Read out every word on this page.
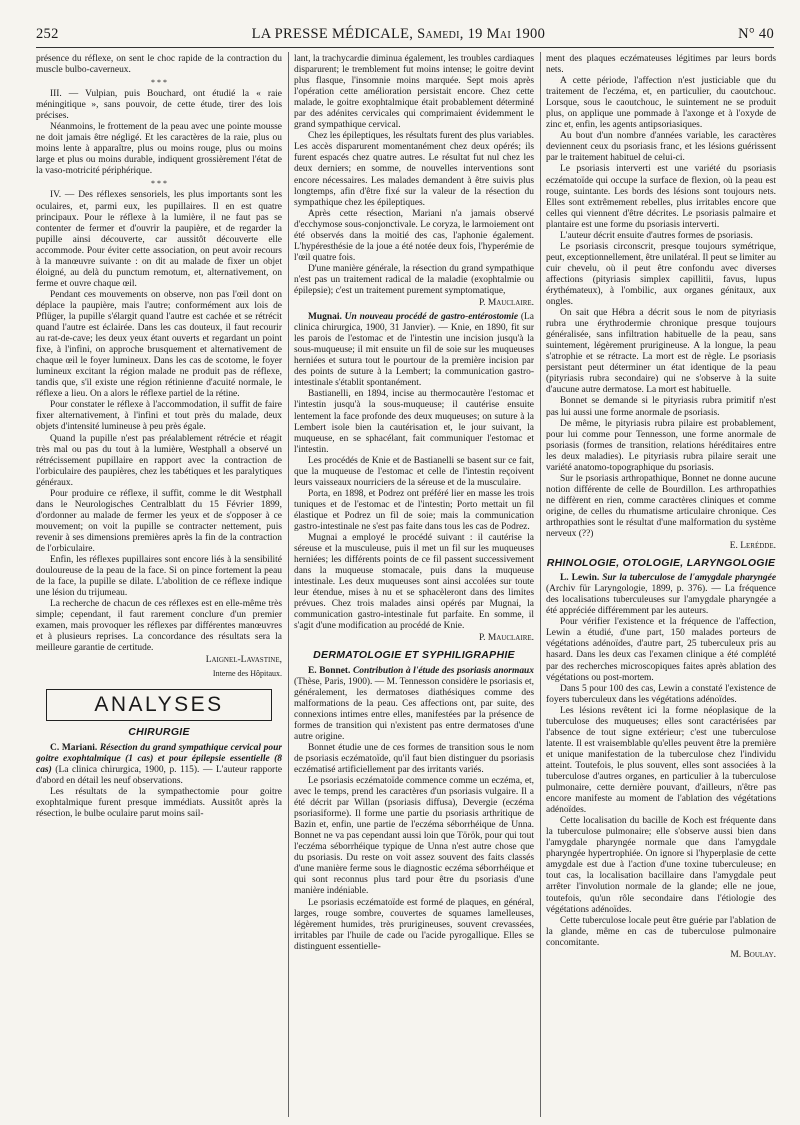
252	LA PRESSE MÉDICALE, Samedi, 19 Mai 1900	N° 40

présence du réflexe, on sent le choc rapide de la contraction du muscle bulbo-caverneux.

* * *

III. — Vulpian, puis Bouchard, ont étudié la « raie méningitique », sans pouvoir, de cette étude, tirer des lois précises.

Néanmoins, le frottement de la peau avec une pointe mousse ne doit jamais être négligé. Et les caractères de la raie, plus ou moins lente à apparaître, plus ou moins rouge, plus ou moins large et plus ou moins durable, indiquent grossièrement l'état de la vaso-motricité périphérique.

* * *

IV. — Des réflexes sensoriels, les plus importants sont les oculaires, et, parmi eux, les pupillaires. Il en est quatre principaux. Pour le réflexe à la lumière, il ne faut pas se contenter de fermer et d'ouvrir la paupière, et de regarder la pupille ainsi découverte, car aussitôt découverte elle accommode. Pour éviter cette association, on peut avoir recours à la manœuvre suivante : on dit au malade de fixer un objet éloigné, au delà du punctum remotum, et, alternativement, on ferme et ouvre chaque œil.

Pendant ces mouvements on observe, non pas l'œil dont on déplace la paupière, mais l'autre; conformément aux lois de Pflüger, la pupille s'élargit quand l'autre est cachée et se rétrécit quand l'autre est éclairée. Dans les cas douteux, il faut recourir au rat-de-cave; les deux yeux étant ouverts et regardant un point fixe, à l'infini, on approche brusquement et alternativement de chaque œil le foyer lumineux. Dans les cas de scotome, le foyer lumineux excitant la région malade ne produit pas de réflexe, tandis que, s'il existe une région rétinienne d'acuité normale, le réflexe a lieu. On a alors le réflexe partiel de la rétine.

Pour constater le réflexe à l'accommodation, il suffit de faire fixer alternativement, à l'infini et tout près du malade, deux objets d'intensité lumineuse à peu près égale.

Quand la pupille n'est pas préalablement rétrécie et réagit très mal ou pas du tout à la lumière, Westphall a observé un rétrécissement pupillaire en rapport avec la contraction de l'orbiculaire des paupières, chez les tabétiques et les paralytiques généraux.

Pour produire ce réflexe, il suffit, comme le dit Westphall dans le Neurologisches Centralblatt du 15 Février 1899, d'ordonner au malade de fermer les yeux et de s'opposer à ce mouvement; on voit la pupille se contracter nettement, puis revenir à ses dimensions premières après la fin de la contraction de l'orbiculaire.

Enfin, les réflexes pupillaires sont encore liés à la sensibilité douloureuse de la peau de la face. Si on pince fortement la peau de la face, la pupille se dilate. L'abolition de ce réflexe indique une lésion du trijumeau.

La recherche de chacun de ces réflexes est en elle-même très simple; cependant, il faut rarement conclure d'un premier examen, mais provoquer les réflexes par différentes manœuvres et à plusieurs reprises. La concordance des résultats sera la meilleure garantie de certitude.

Laignel-Lavastine,
Interne des Hôpitaux.
ANALYSES
CHIRURGIE

C. Mariani. Résection du grand sympathique cervical pour goitre exophtalmique (1 cas) et pour épilepsie essentielle (8 cas) (La clinica chirurgica, 1900, p. 115). — L'auteur rapporte d'abord en détail les neuf observations.

Les résultats de la sympathectomie pour goitre exophtalmique furent presque immédiats. Aussitôt après la résection, le bulbe oculaire parut moins sail-

lant, la trachycardie diminua également, les troubles cardiaques disparurent; le tremblement fut moins intense; le goitre devint plus flasque, l'insomnie moins marquée. Sept mois après l'opération cette amélioration persistait encore. Chez cette malade, le goitre exophtalmique était probablement déterminé par des adénites cervicales qui comprimaient évidemment le grand sympathique cervical.

Chez les épileptiques, les résultats furent des plus variables. Les accès disparurent momentanément chez deux opérés; ils furent espacés chez quatre autres. Le résultat fut nul chez les deux derniers; en somme, de nouvelles interventions sont encore nécessaires. Les malades demandent à être suivis plus longtemps, afin d'être fixé sur la valeur de la résection du sympathique chez les épileptiques.

Après cette résection, Mariani n'a jamais observé d'ecchymose sous-conjonctivale. Le coryza, le larmoiement ont été observés dans la moitié des cas, l'aphonie également. L'hypéresthésie de la joue a été notée deux fois, l'hyperémie de l'œil quatre fois.

D'une manière générale, la résection du grand sympathique n'est pas un traitement radical de la maladie (exophtalmie ou épilepsie); c'est un traitement purement symptomatique,

P. Mauclaire.

Mugnai. Un nouveau procédé de gastro-entérostomie (La clinica chirurgica, 1900, 31 Janvier). — Knie, en 1890, fit sur les parois de l'estomac et de l'intestin une incision jusqu'à la sous-muqueuse; il mit ensuite un fil de soie sur les muqueuses herniées et sutura tout le pourtour de la première incision par des points de suture à la Lembert; la communication gastro-intestinale s'établit spontanément.

Bastianelli, en 1894, incise au thermocautère l'estomac et l'intestin jusqu'à la sous-muqueuse; il cautérise ensuite lentement la face profonde des deux muqueuses; on suture à la Lembert isole bien la cautérisation et, le jour suivant, la muqueuse, en se sphacélant, fait communiquer l'estomac et l'intestin.

Les procédés de Knie et de Bastianelli se basent sur ce fait, que la muqueuse de l'estomac et celle de l'intestin reçoivent leurs vaisseaux nourriciers de la séreuse et de la musculaire.

Porta, en 1898, et Podrez ont préféré lier en masse les trois tuniques et de l'estomac et de l'intestin; Porto mettait un fil élastique et Podrez un fil de soie; mais la communication gastro-intestinale ne s'est pas faite dans tous les cas de Podrez.

Mugnai a employé le procédé suivant : il cautérise la séreuse et la musculeuse, puis il met un fil sur les muqueuses herniées; les différents points de ce fil passent successivement dans la muqueuse stomacale, puis dans la muqueuse intestinale. Les deux muqueuses sont ainsi accolées sur toute leur étendue, mises à nu et se sphacèleront dans des limites prévues. Chez trois malades ainsi opérés par Mugnai, la communication gastro-intestinale fut parfaite. En somme, il s'agit d'une modification au procédé de Knie.

P. Mauclaire.
DERMATOLOGIE ET SYPHILIGRAPHIE

E. Bonnet. Contribution à l'étude des psoriasis anormaux (Thèse, Paris, 1900). — M. Tennesson considère le psoriasis et, généralement, les dermatoses diathésiques comme des malformations de la peau. Ces affections ont, par suite, des connexions intimes entre elles, manifestées par la présence de formes de transition qui n'existent pas entre dermatoses d'une autre origine.

Bonnet étudie une de ces formes de transition sous le nom de psoriasis eczématoïde, qu'il faut bien distinguer du psoriasis eczématisé artificiellement par des irritants variés.

Le psoriasis eczématoïde commence comme un eczéma, et, avec le temps, prend les caractères d'un psoriasis vulgaire. Il a été décrit par Willan (psoriasis diffusa), Devergie (eczéma psoriasiforme). Il forme une partie du psoriasis arthritique de Bazin et, enfin, une partie de l'eczéma séborrhéique de Unna. Bonnet ne va pas cependant aussi loin que Török, pour qui tout l'eczéma séborrhéique typique de Unna n'est autre chose que du psoriasis. Du reste on voit assez souvent des faits classés d'une manière ferme sous le diagnostic eczéma séborrhéique et qui sont reconnus plus tard pour être du psoriasis d'une manière indéniable.

Le psoriasis eczématoïde est formé de plaques, en général, larges, rouge sombre, couvertes de squames lamelleuses, légèrement humides, très prurigineuses, souvent crevassées, irritables par l'huile de cade ou l'acide pyrogallique. Elles se distinguent essentielle-

ment des plaques eczémateuses légitimes par leurs bords nets.

A cette période, l'affection n'est justiciable que du traitement de l'eczéma, et, en particulier, du caoutchouc. Lorsque, sous le caoutchouc, le suintement ne se produit plus, on applique une pommade à l'axonge et à l'oxyde de zinc et, enfin, les agents antipsoriasiques.

Au bout d'un nombre d'années variable, les caractères deviennent ceux du psoriasis franc, et les lésions guérissent par le traitement habituel de celui-ci.

Le psoriasis interverti est une variété du psoriasis eczématoïde qui occupe la surface de flexion, où la peau est rouge, suintante. Les bords des lésions sont toujours nets. Elles sont extrêmement rebelles, plus irritables encore que celles qui viennent d'être décrites. Le psoriasis palmaire et plantaire est une forme du psoriasis interverti.

L'auteur décrit ensuite d'autres formes de psoriasis.

Le psoriasis circonscrit, presque toujours symétrique, peut, exceptionnellement, être unilatéral. Il peut se limiter au cuir chevelu, où il peut être confondu avec diverses affections (pityriasis simplex capillitii, favus, lupus érythémateux), à l'ombilic, aux organes génitaux, aux ongles.

On sait que Hébra a décrit sous le nom de pityriasis rubra une érythrodermie chronique presque toujours généralisée, sans infiltration habituelle de la peau, sans suintement, légèrement prurigineuse. A la longue, la peau s'atrophie et se rétracte. La mort est de règle. Le psoriasis persistant peut déterminer un état identique de la peau (pityriasis rubra secondaire) qui ne s'observe à la suite d'aucune autre dermatose. La mort est habituelle.

Bonnet se demande si le pityriasis rubra primitif n'est pas lui aussi une forme anormale de psoriasis.

De même, le pityriasis rubra pilaire est probablement, pour lui comme pour Tennesson, une forme anormale de psoriasis (formes de transition, relations héréditaires entre les deux maladies). Le pityriasis rubra pilaire serait une variété anatomo-topographique du psoriasis.

Sur le psoriasis arthropathique, Bonnet ne donne aucune notion différente de celle de Bourdillon. Les arthropathies ne diffèrent en rien, comme caractères cliniques et comme origine, de celles du rhumatisme articulaire chronique. Ces arthropathies sont le résultat d'une malformation du système nerveux (??)

E. Lerédde.
RHINOLOGIE, OTOLOGIE, LARYNGOLOGIE

L. Lewin. Sur la tuberculose de l'amygdale pharyngée (Archiv für Laryngologie, 1899, p. 376). — La fréquence des localisations tuberculeuses sur l'amygdale pharyngée a été appréciée différemment par les auteurs.

Pour vérifier l'existence et la fréquence de l'affection, Lewin a étudié, d'une part, 150 malades porteurs de végétations adénoïdes, d'autre part, 25 tuberculeux pris au hasard. Dans les deux cas l'examen clinique a été complété par des recherches microscopiques faites après ablation des végétations ou post-mortem.

Dans 5 pour 100 des cas, Lewin a constaté l'existence de foyers tuberculeux dans les végétations adénoïdes.

Les lésions revêtent ici la forme néoplasique de la tuberculose des muqueuses; elles sont caractérisées par l'absence de tout signe extérieur; c'est une tuberculose latente. Il est vraisemblable qu'elles peuvent être la première et unique manifestation de la tuberculose chez l'individu atteint. Toutefois, le plus souvent, elles sont associées à la tuberculose d'autres organes, en particulier à la tuberculose pulmonaire, cette dernière pouvant, d'ailleurs, n'être pas encore manifeste au moment de l'ablation des végétations adénoïdes.

Cette localisation du bacille de Koch est fréquente dans la tuberculose pulmonaire; elle s'observe aussi bien dans l'amygdale pharyngée normale que dans l'amygdale pharyngée hypertrophiée. On ignore si l'hyperplasie de cette amygdale est due à l'action d'une toxine tuberculeuse; en tout cas, la localisation bacillaire dans l'amygdale peut arrêter l'involution normale de la glande; elle ne joue, toutefois, qu'un rôle secondaire dans l'étiologie des végétations adénoïdes.

Cette tuberculose locale peut être guérie par l'ablation de la glande, même en cas de tuberculose pulmonaire concomitante.

M. Boulay.
